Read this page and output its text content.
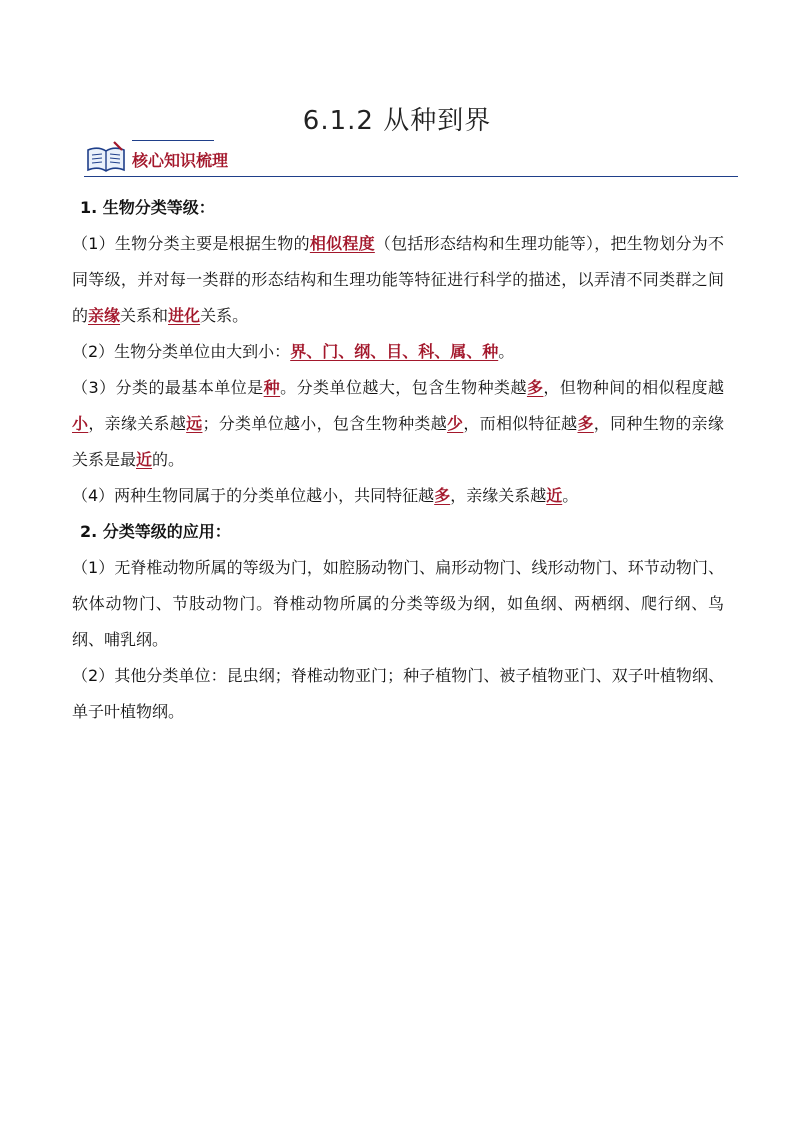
6.1.2 从种到界
核心知识梳理
1. 生物分类等级：

（1）生物分类主要是根据生物的相似程度（包括形态结构和生理功能等），把生物划分为不同等级，并对每一类群的形态结构和生理功能等特征进行科学的描述，以弄清不同类群之间的亲缘关系和进化关系。

（2）生物分类单位由大到小：界、门、纲、目、科、属、种。

（3）分类的最基本单位是种。分类单位越大，包含生物种类越多，但物种间的相似程度越小，亲缘关系越远；分类单位越小，包含生物种类越少，而相似特征越多，同种生物的亲缘关系是最近的。

（4）两种生物同属于的分类单位越小，共同特征越多，亲缘关系越近。

2. 分类等级的应用：

（1）无脊椎动物所属的等级为门，如腔肠动物门、扁形动物门、线形动物门、环节动物门、软体动物门、节肢动物门。脊椎动物所属的分类等级为纲，如鱼纲、两栖纲、爬行纲、鸟纲、哺乳纲。

（2）其他分类单位：昆虫纲；脊椎动物亚门；种子植物门、被子植物亚门、双子叶植物纲、单子叶植物纲。
